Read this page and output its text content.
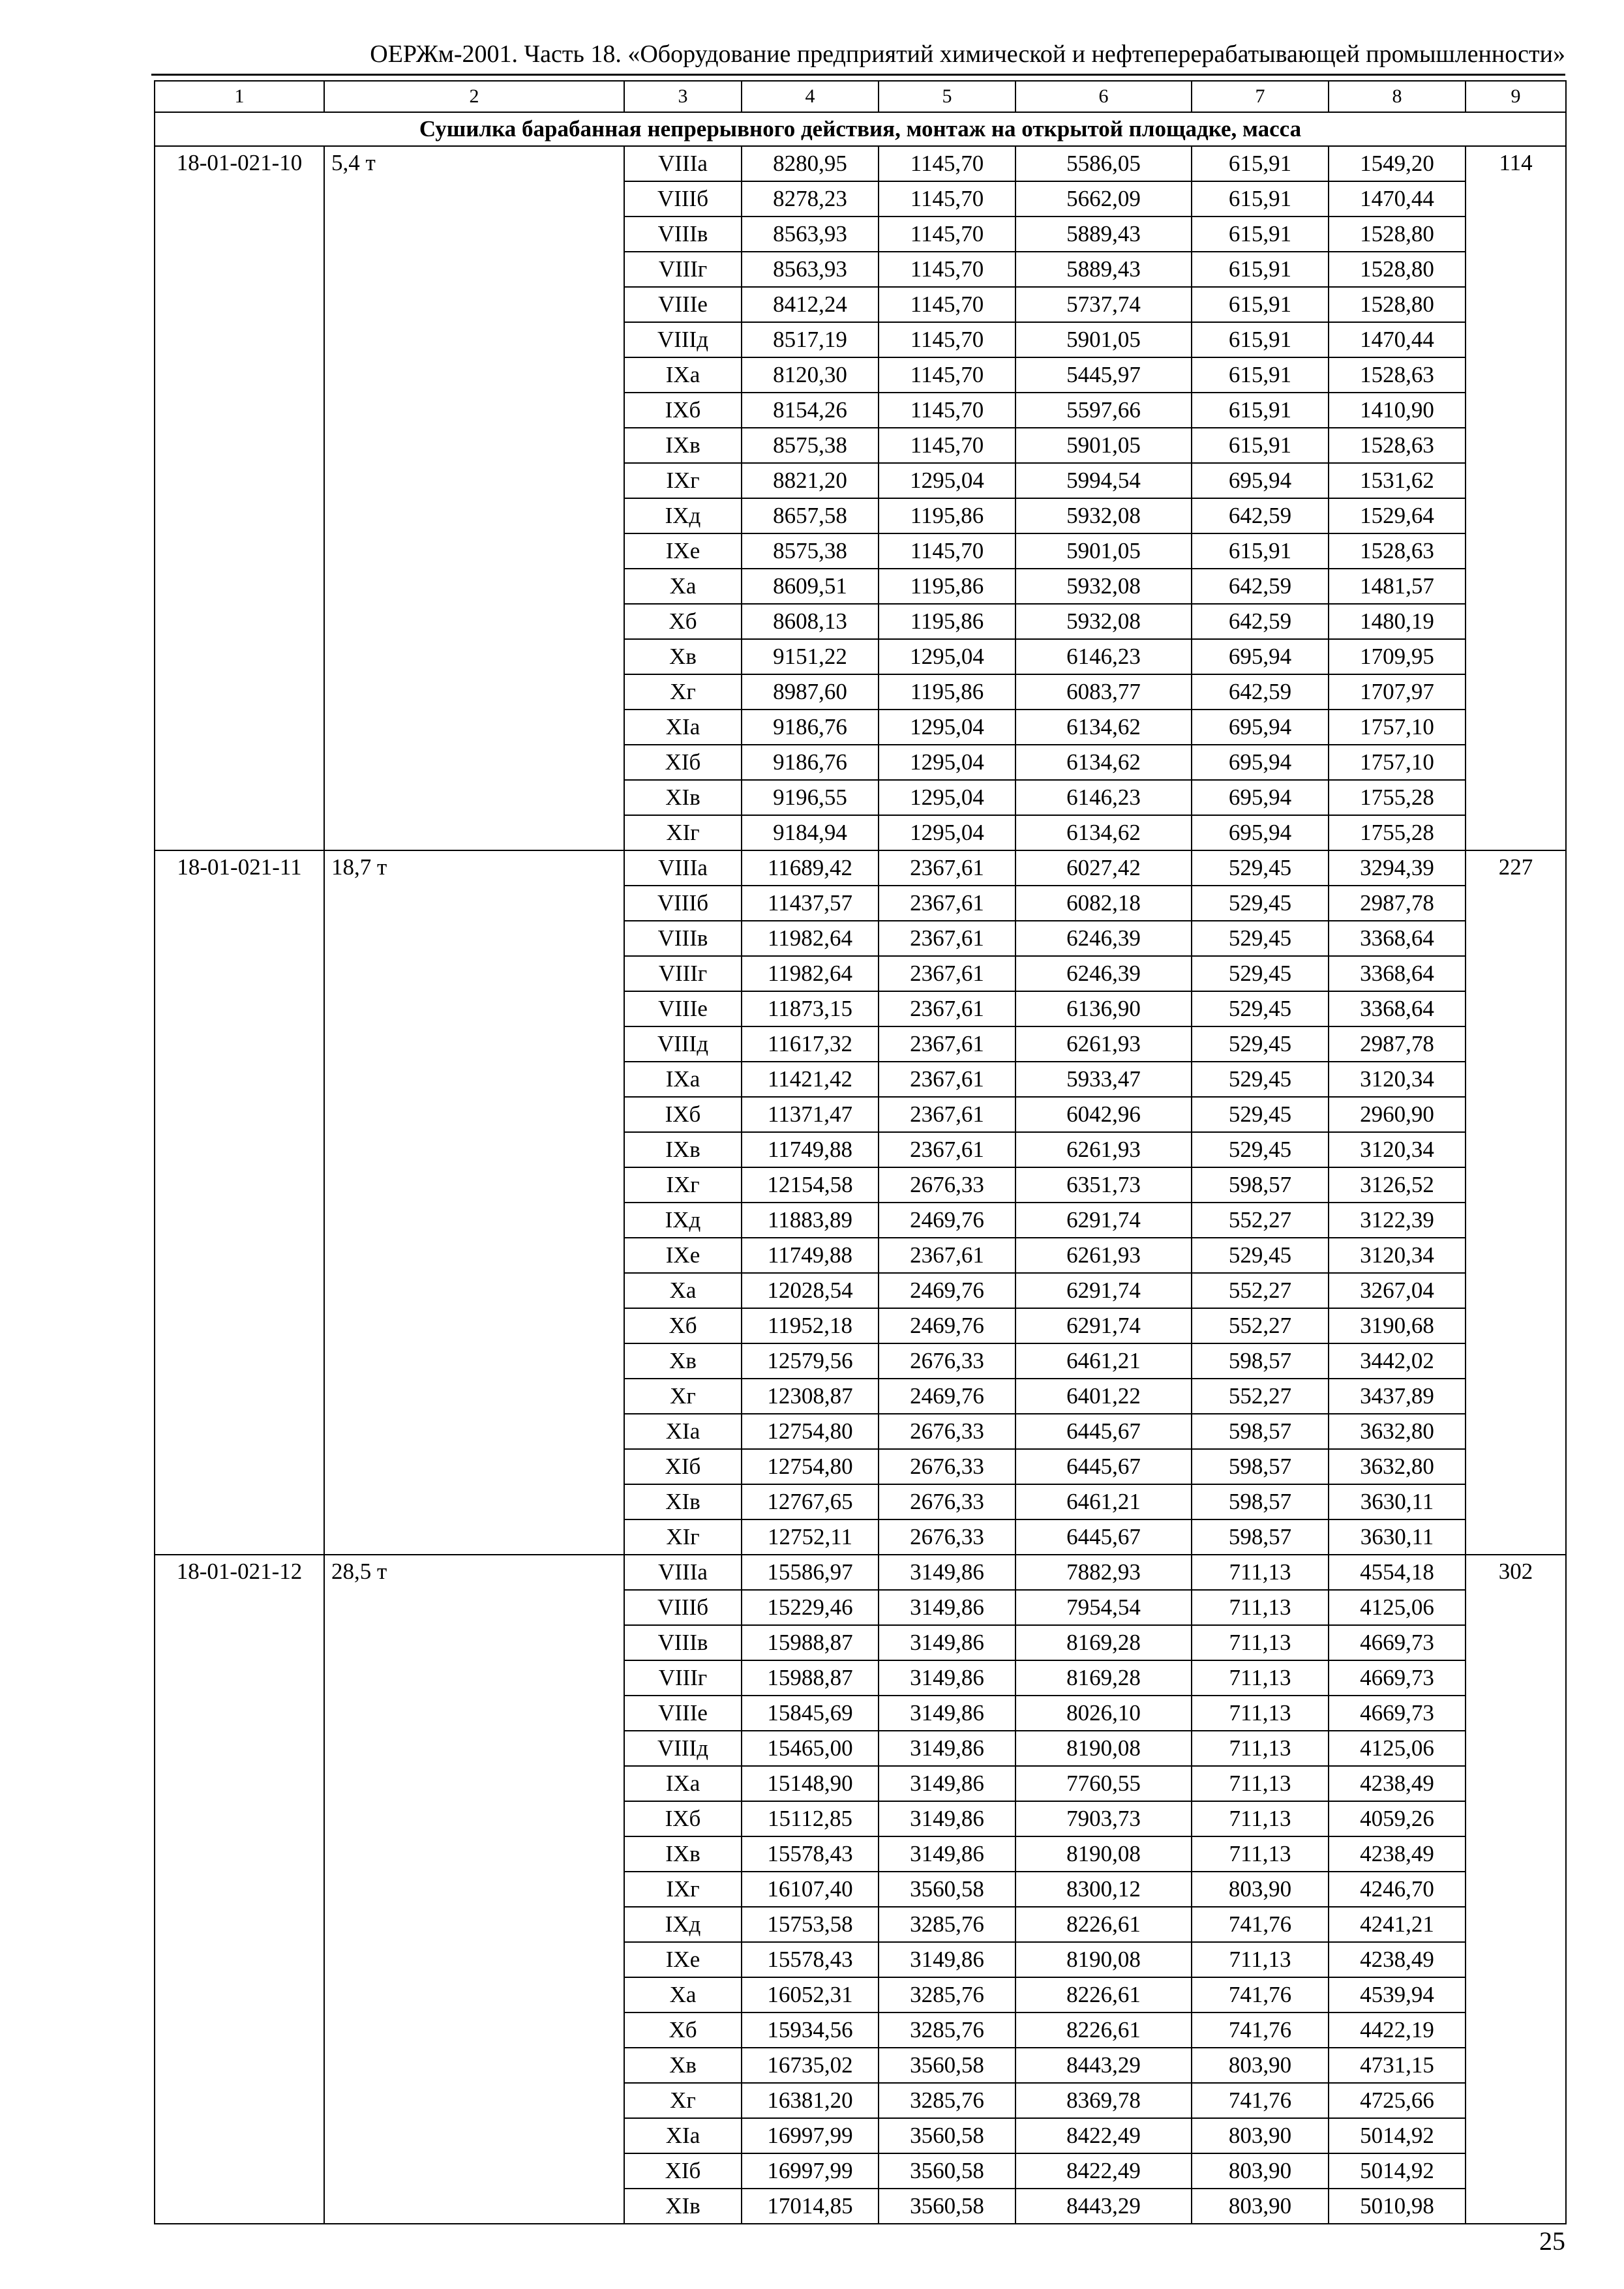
ОЕРЖм-2001. Часть 18. «Оборудование предприятий химической и нефтеперерабатывающей промышленности»
1	2	3	4	5	6	7	8	9
Сушилка барабанная непрерывного действия, монтаж на открытой площадке, масса								
18-01-021-10	5,4 т	VIIIа	8280,95	1145,70	5586,05	615,91	1549,20	114
		VIIIб	8278,23	1145,70	5662,09	615,91	1470,44	
		VIIIв	8563,93	1145,70	5889,43	615,91	1528,80	
		VIIIг	8563,93	1145,70	5889,43	615,91	1528,80	
		VIIIе	8412,24	1145,70	5737,74	615,91	1528,80	
		VIIIд	8517,19	1145,70	5901,05	615,91	1470,44	
		IXа	8120,30	1145,70	5445,97	615,91	1528,63	
		IXб	8154,26	1145,70	5597,66	615,91	1410,90	
		IXв	8575,38	1145,70	5901,05	615,91	1528,63	
		IXг	8821,20	1295,04	5994,54	695,94	1531,62	
		IXд	8657,58	1195,86	5932,08	642,59	1529,64	
		IXе	8575,38	1145,70	5901,05	615,91	1528,63	
		Xа	8609,51	1195,86	5932,08	642,59	1481,57	
		Xб	8608,13	1195,86	5932,08	642,59	1480,19	
		Xв	9151,22	1295,04	6146,23	695,94	1709,95	
		Xг	8987,60	1195,86	6083,77	642,59	1707,97	
		XIа	9186,76	1295,04	6134,62	695,94	1757,10	
		XIб	9186,76	1295,04	6134,62	695,94	1757,10	
		XIв	9196,55	1295,04	6146,23	695,94	1755,28	
		XIг	9184,94	1295,04	6134,62	695,94	1755,28	
18-01-021-11	18,7 т	VIIIа	11689,42	2367,61	6027,42	529,45	3294,39	227
		VIIIб	11437,57	2367,61	6082,18	529,45	2987,78	
		VIIIв	11982,64	2367,61	6246,39	529,45	3368,64	
		VIIIг	11982,64	2367,61	6246,39	529,45	3368,64	
		VIIIе	11873,15	2367,61	6136,90	529,45	3368,64	
		VIIIд	11617,32	2367,61	6261,93	529,45	2987,78	
		IXа	11421,42	2367,61	5933,47	529,45	3120,34	
		IXб	11371,47	2367,61	6042,96	529,45	2960,90	
		IXв	11749,88	2367,61	6261,93	529,45	3120,34	
		IXг	12154,58	2676,33	6351,73	598,57	3126,52	
		IXд	11883,89	2469,76	6291,74	552,27	3122,39	
		IXе	11749,88	2367,61	6261,93	529,45	3120,34	
		Xа	12028,54	2469,76	6291,74	552,27	3267,04	
		Xб	11952,18	2469,76	6291,74	552,27	3190,68	
		Xв	12579,56	2676,33	6461,21	598,57	3442,02	
		Xг	12308,87	2469,76	6401,22	552,27	3437,89	
		XIа	12754,80	2676,33	6445,67	598,57	3632,80	
		XIб	12754,80	2676,33	6445,67	598,57	3632,80	
		XIв	12767,65	2676,33	6461,21	598,57	3630,11	
		XIг	12752,11	2676,33	6445,67	598,57	3630,11	
18-01-021-12	28,5 т	VIIIа	15586,97	3149,86	7882,93	711,13	4554,18	302
		VIIIб	15229,46	3149,86	7954,54	711,13	4125,06	
		VIIIв	15988,87	3149,86	8169,28	711,13	4669,73	
		VIIIг	15988,87	3149,86	8169,28	711,13	4669,73	
		VIIIе	15845,69	3149,86	8026,10	711,13	4669,73	
		VIIIд	15465,00	3149,86	8190,08	711,13	4125,06	
		IXа	15148,90	3149,86	7760,55	711,13	4238,49	
		IXб	15112,85	3149,86	7903,73	711,13	4059,26	
		IXв	15578,43	3149,86	8190,08	711,13	4238,49	
		IXг	16107,40	3560,58	8300,12	803,90	4246,70	
		IXд	15753,58	3285,76	8226,61	741,76	4241,21	
		IXе	15578,43	3149,86	8190,08	711,13	4238,49	
		Xа	16052,31	3285,76	8226,61	741,76	4539,94	
		Xб	15934,56	3285,76	8226,61	741,76	4422,19	
		Xв	16735,02	3560,58	8443,29	803,90	4731,15	
		Xг	16381,20	3285,76	8369,78	741,76	4725,66	
		XIа	16997,99	3560,58	8422,49	803,90	5014,92	
		XIб	16997,99	3560,58	8422,49	803,90	5014,92	
		XIв	17014,85	3560,58	8443,29	803,90	5010,98	
25
